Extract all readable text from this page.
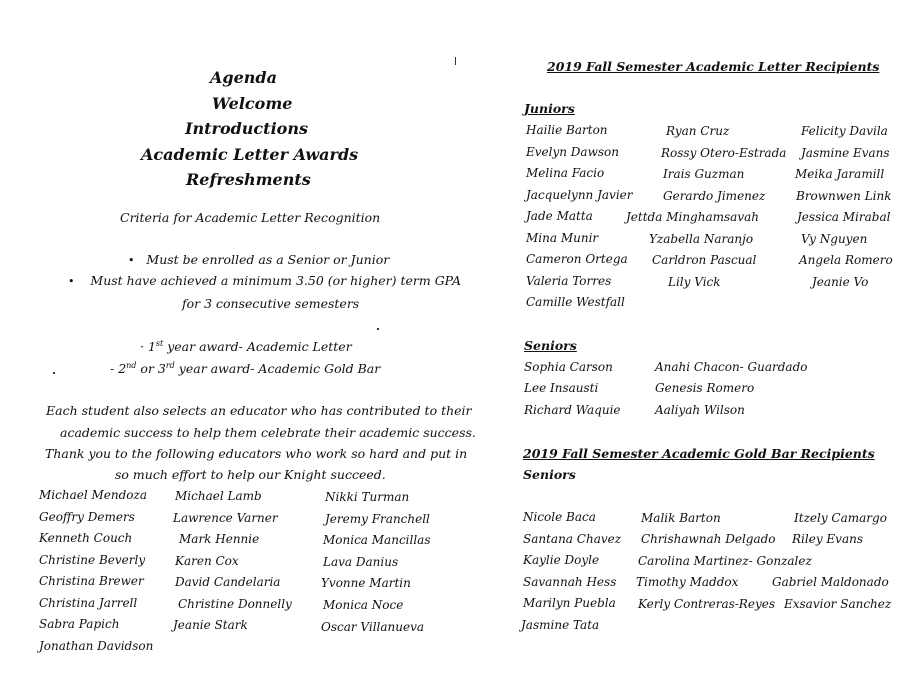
Agenda
Welcome
Introductions
Academic Letter Awards
Refreshments
Criteria for Academic Letter Recognition
• Must be enrolled as a Senior or Junior
• Must have achieved a minimum 3.50 (or higher) term GPA
for 3 consecutive semesters
· 1st year award- Academic Letter
- 2nd or 3rd year award- Academic Gold Bar
Each student also selects an educator who has contributed to their
academic success to help them celebrate their academic success.
Thank you to the following educators who work so hard and put in
so much effort to help our Knight succeed.
Michael Mendoza
Geoffry Demers
Kenneth Couch
Christine Beverly
Christina Brewer
Christina Jarrell
Sabra Papich
Jonathan Davidson
Michael Lamb
Lawrence Varner
Mark Hennie
Karen Cox
David Candelaria
Christine Donnelly
Jeanie Stark
Nikki Turman
Jeremy Franchell
Monica Mancillas
Lava Danius
Yvonne Martin
Monica Noce
Oscar Villanueva
2019 Fall Semester Academic Letter Recipients
Juniors
Hailie Barton
Evelyn Dawson
Melina Facio
Jacquelynn Javier
Jade Matta
Mina Munir
Cameron Ortega
Valeria Torres
Camille Westfall
Ryan Cruz
Rossy Otero-Estrada
Irais Guzman
Gerardo Jimenez
Jettda Minghamsavah
Yzabella Naranjo
Carldron Pascual
Lily Vick
Felicity Davila
Jasmine Evans
Meika Jaramill
Brownwen Link
Jessica Mirabal
Vy Nguyen
Angela Romero
Jeanie Vo
Seniors
Sophia Carson
Lee Insausti
Richard Waquie
Anahi Chacon- Guardado
Genesis Romero
Aaliyah Wilson
2019 Fall Semester Academic Gold Bar Recipients
Seniors
Nicole Baca
Santana Chavez
Kaylie Doyle
Savannah Hess
Marilyn Puebla
Jasmine Tata
Malik Barton
Chrishawnah Delgado
Carolina Martinez- Gonzalez
Timothy Maddox
Kerly Contreras-Reyes
Itzely Camargo
Riley Evans
Gabriel Maldonado
Exsavior Sanchez
